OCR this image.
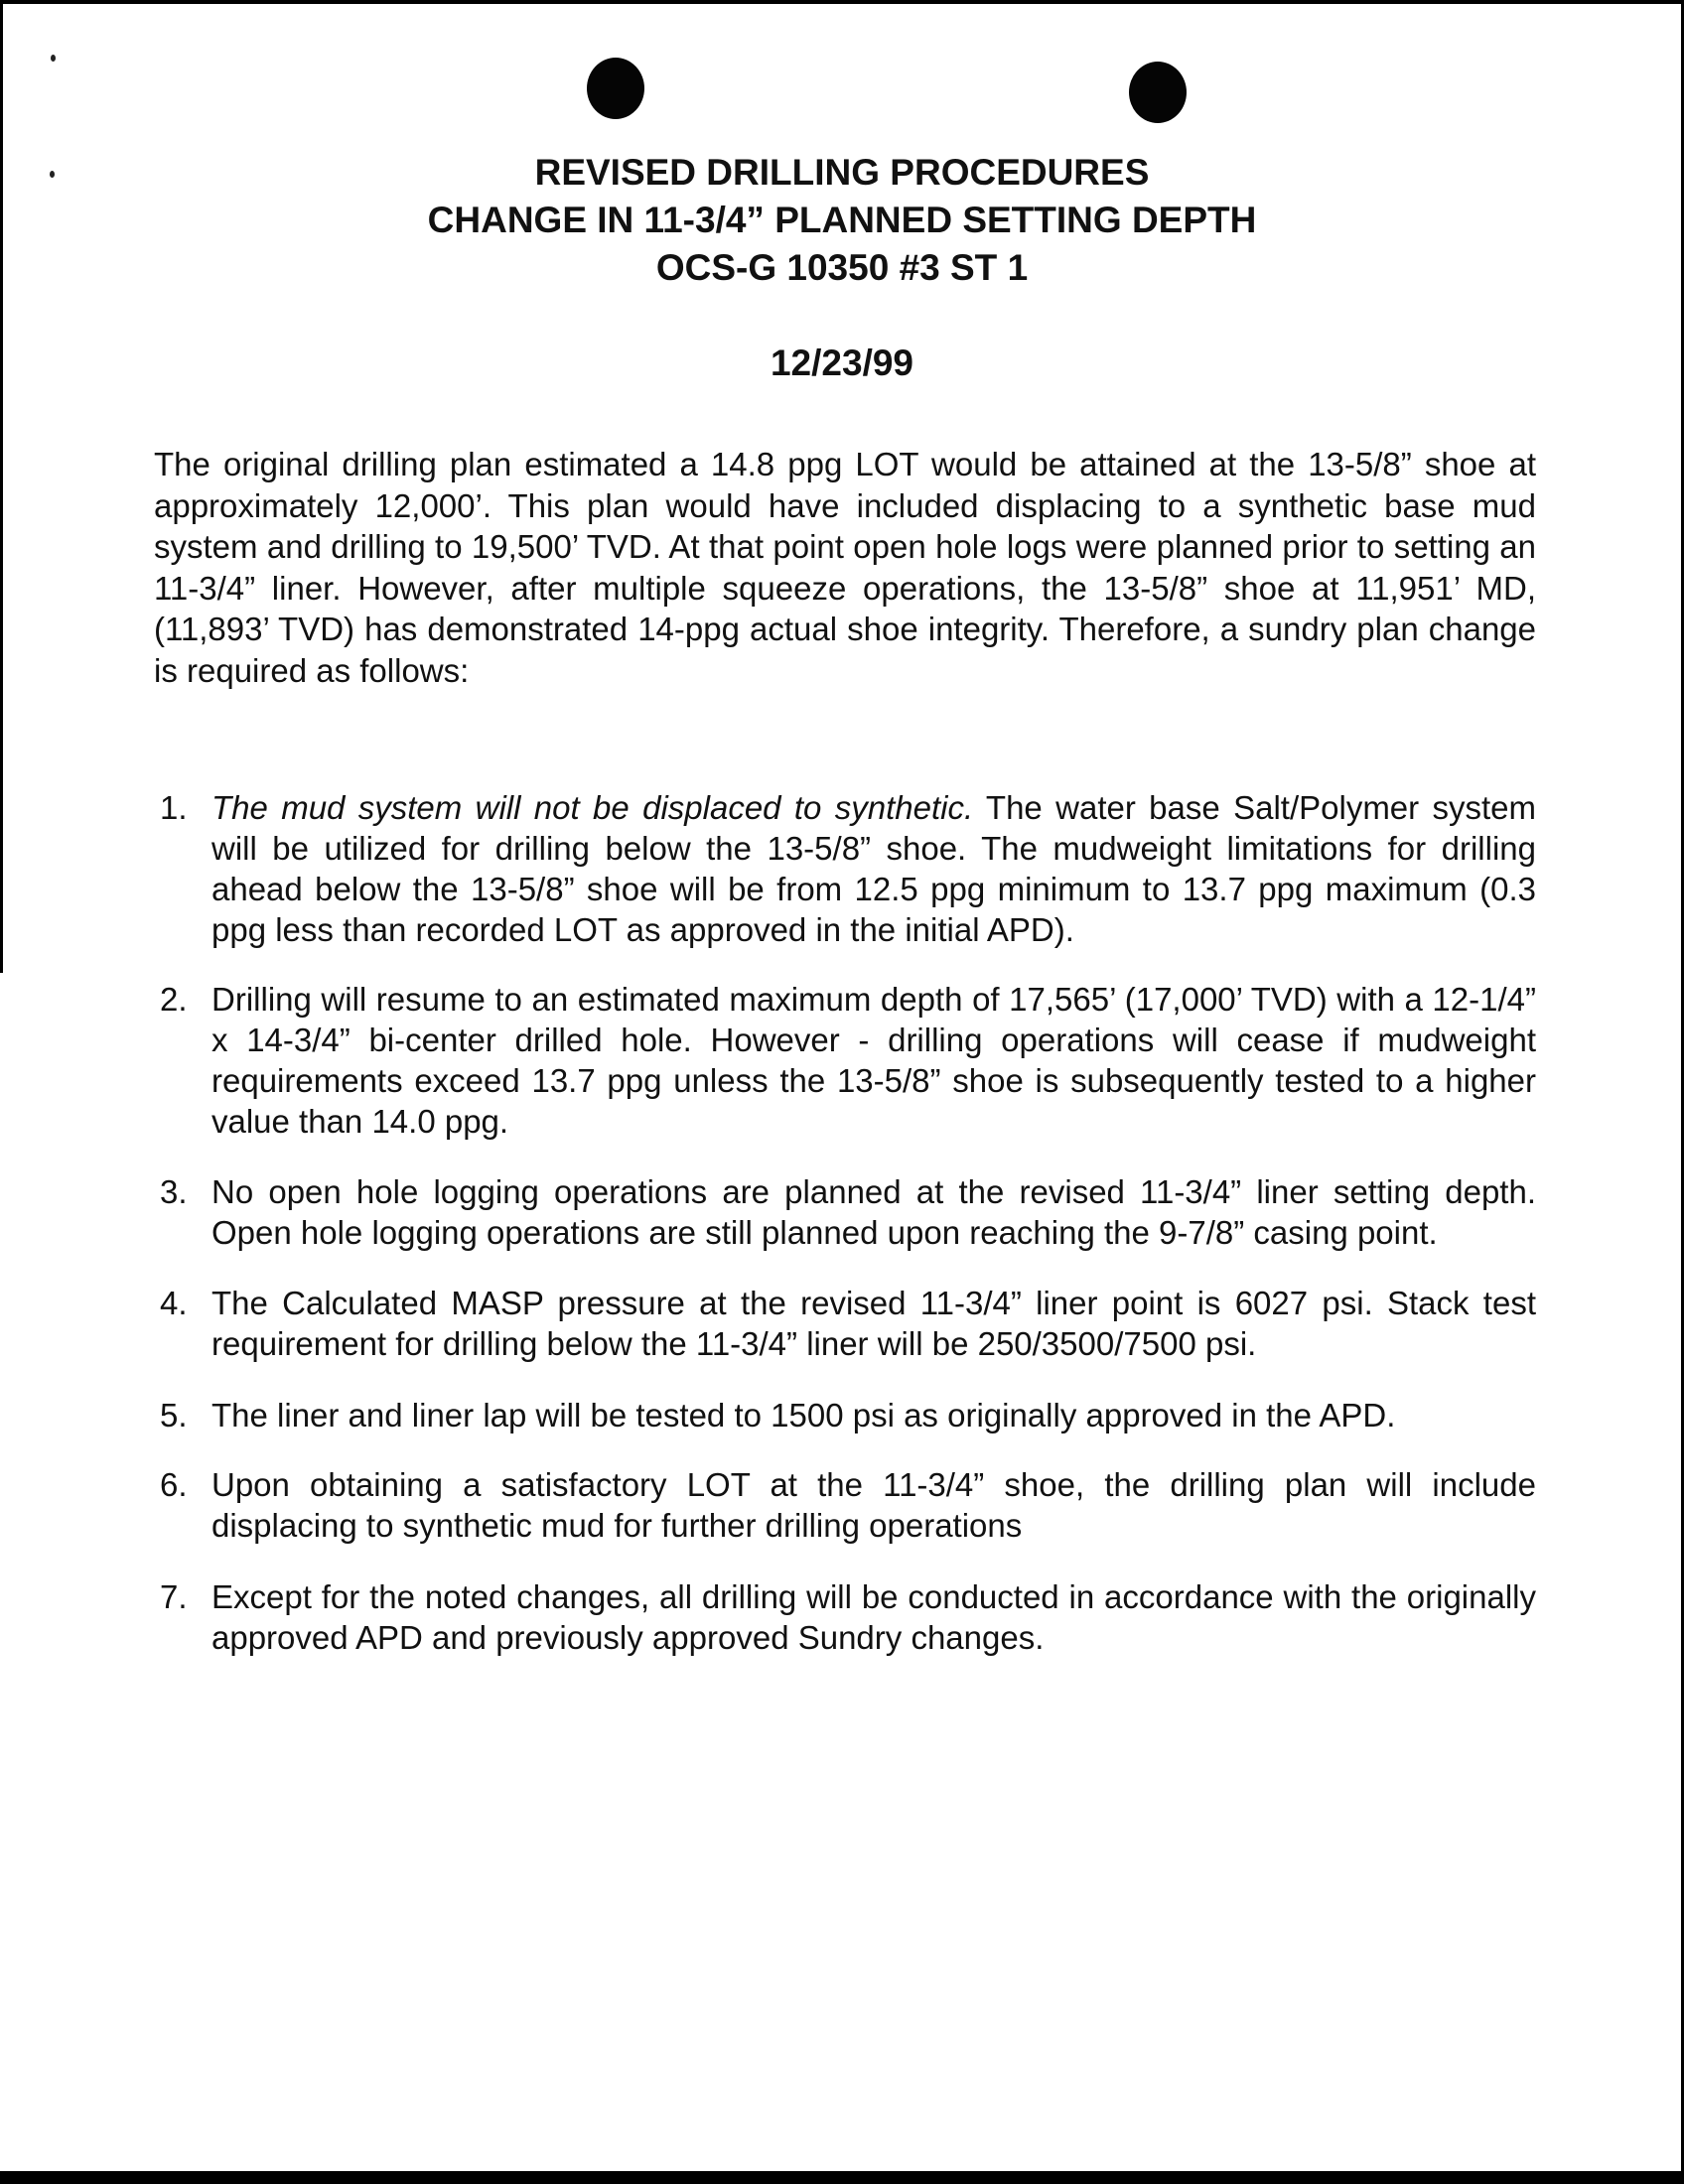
REVISED DRILLING PROCEDURES
CHANGE IN 11-3/4” PLANNED SETTING DEPTH
OCS-G 10350 #3 ST 1
12/23/99

The original drilling plan estimated a 14.8 ppg LOT would be attained at the 13-5/8” shoe at approximately 12,000’. This plan would have included displacing to a synthetic base mud system and drilling to 19,500’ TVD. At that point open hole logs were planned prior to setting an 11-3/4” liner. However, after multiple squeeze operations, the 13-5/8” shoe at 11,951’ MD, (11,893’ TVD) has demonstrated 14-ppg actual shoe integrity. Therefore, a sundry plan change is required as follows:

1. The mud system will not be displaced to synthetic. The water base Salt/Polymer system will be utilized for drilling below the 13-5/8” shoe. The mudweight limitations for drilling ahead below the 13-5/8” shoe will be from 12.5 ppg minimum to 13.7 ppg maximum (0.3 ppg less than recorded LOT as approved in the initial APD).
2. Drilling will resume to an estimated maximum depth of 17,565’ (17,000’ TVD) with a 12-1/4” x 14-3/4” bi-center drilled hole. However - drilling operations will cease if mudweight requirements exceed 13.7 ppg unless the 13-5/8” shoe is subsequently tested to a higher value than 14.0 ppg.
3. No open hole logging operations are planned at the revised 11-3/4” liner setting depth. Open hole logging operations are still planned upon reaching the 9-7/8” casing point.
4. The Calculated MASP pressure at the revised 11-3/4” liner point is 6027 psi. Stack test requirement for drilling below the 11-3/4” liner will be 250/3500/7500 psi.
5. The liner and liner lap will be tested to 1500 psi as originally approved in the APD.
6. Upon obtaining a satisfactory LOT at the 11-3/4” shoe, the drilling plan will include displacing to synthetic mud for further drilling operations
7. Except for the noted changes, all drilling will be conducted in accordance with the originally approved APD and previously approved Sundry changes.
